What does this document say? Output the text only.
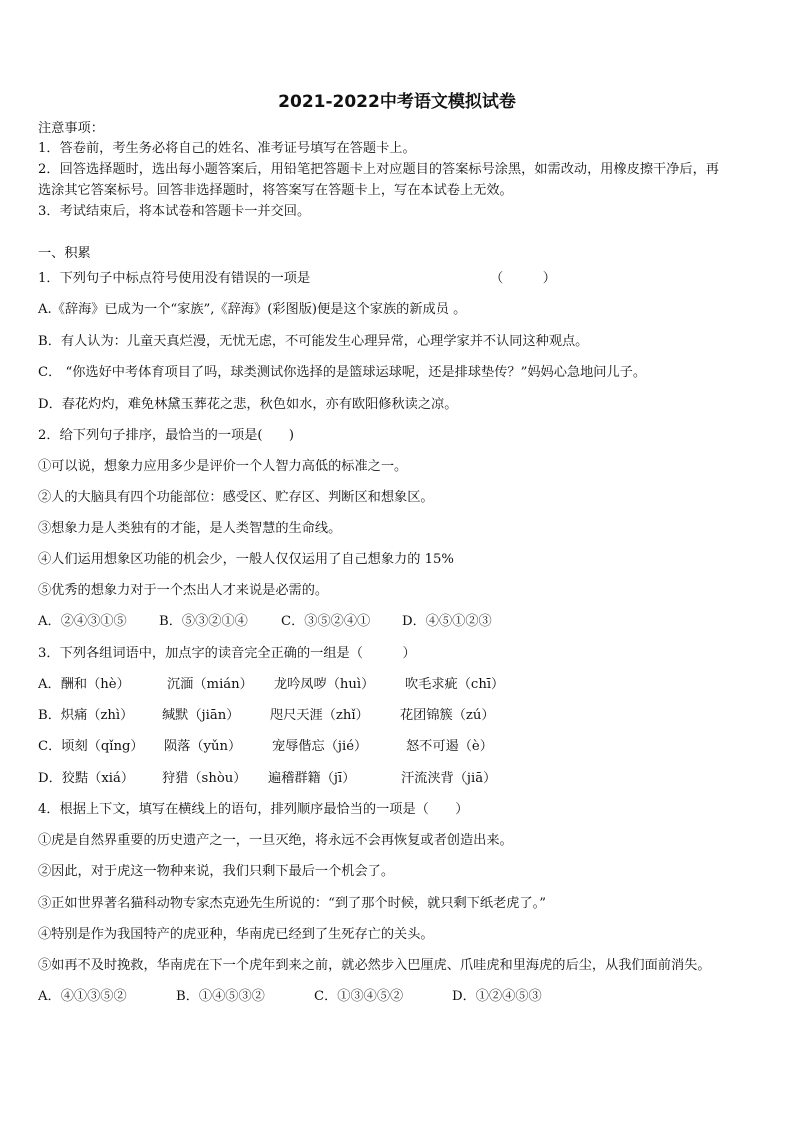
2021-2022中考语文模拟试卷
注意事项：
1．答卷前，考生务必将自己的姓名、准考证号填写在答题卡上。
2．回答选择题时，选出每小题答案后，用铅笔把答题卡上对应题目的答案标号涂黑，如需改动，用橡皮擦干净后，再
选涂其它答案标号。回答非选择题时，将答案写在答题卡上，写在本试卷上无效。
3．考试结束后，将本试卷和答题卡一并交回。
一、积累
1．下列句子中标点符号使用没有错误的一项是	（　　　）
A.《辞海》已成为一个“家族”,《辞海》(彩图版)便是这个家族的新成员 。
B．有人认为：儿童天真烂漫，无忧无虑，不可能发生心理异常，心理学家并不认同这种观点。
C． “你选好中考体育项目了吗，球类测试你选择的是篮球运球呢，还是排球垫传？”妈妈心急地问儿子。
D．春花灼灼，难免林黛玉葬花之悲，秋色如水，亦有欧阳修秋读之凉。
2．给下列句子排序，最恰当的一项是(　　)
①可以说，想象力应用多少是评价一个人智力高低的标准之一。
②人的大脑具有四个功能部位：感受区、贮存区、判断区和想象区。
③想象力是人类独有的才能，是人类智慧的生命线。
④人们运用想象区功能的机会少，一般人仅仅运用了自己想象力的 15%
⑤优秀的想象力对于一个杰出人才来说是必需的。
A．②④③①⑤ B．⑤③②①④	C．③⑤②④① D．④⑤①②③
3．下列各组词语中，加点字的读音完全正确的一组是（　　　）
A．酬和（hè）	沉湎（mián） 龙吟凤哕（huì） 吹毛求疵（chī）
B．炽痛（zhì） 缄默（jiān） 咫尺天涯（zhǐ） 花团锦簇（zú）
C．顷刻（qǐng） 陨落（yǔn） 宠辱偕忘（jié）	怒不可遏（è）
D．狡黠（xiá） 狩猎（shòu） 遍稽群籍（jī）	汗流浃背（jiā）
4．根据上下文，填写在横线上的语句，排列顺序最恰当的一项是（　　）
①虎是自然界重要的历史遗产之一，一旦灭绝，将永远不会再恢复或者创造出来。
②因此，对于虎这一物种来说，我们只剩下最后一个机会了。
③正如世界著名猫科动物专家杰克逊先生所说的：“到了那个时候，就只剩下纸老虎了。”
④特别是作为我国特产的虎亚种，华南虎已经到了生死存亡的关头。
⑤如再不及时挽救，华南虎在下一个虎年到来之前，就必然步入巴厘虎、爪哇虎和里海虎的后尘，从我们面前消失。
A．④①③⑤②	B．①④⑤③②	C．①③④⑤②	D．①②④⑤③
